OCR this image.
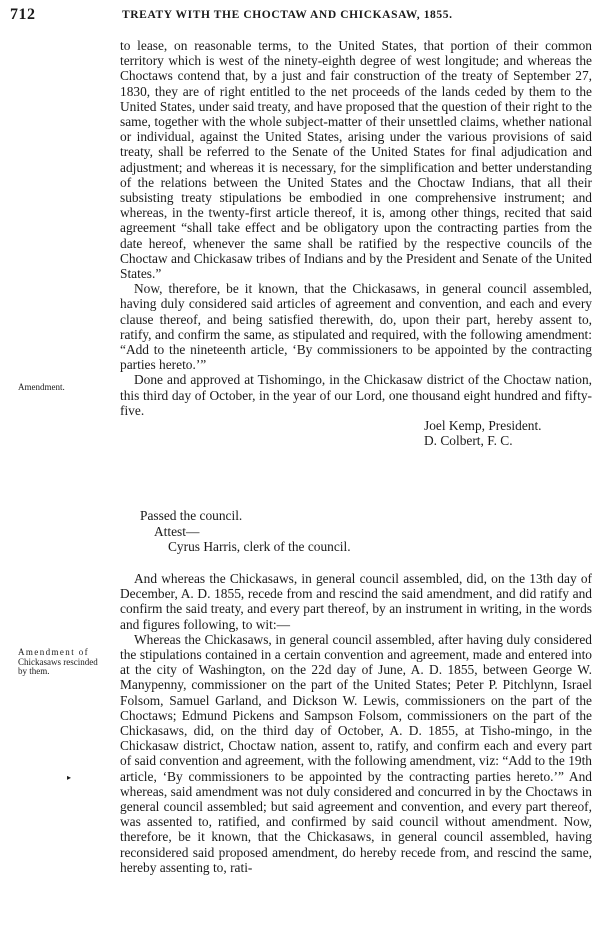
712	TREATY WITH THE CHOCTAW AND CHICKASAW, 1855.
Amendment.
Amendment of
Chickasaws rescinded
by them.
▸

to lease, on reasonable terms, to the United States, that portion of their common territory which is west of the ninety-eighth degree of west longitude; and whereas the Choctaws contend that, by a just and fair construction of the treaty of September 27, 1830, they are of right entitled to the net proceeds of the lands ceded by them to the United States, under said treaty, and have proposed that the question of their right to the same, together with the whole subject-matter of their unsettled claims, whether national or individual, against the United States, arising under the various provisions of said treaty, shall be referred to the Senate of the United States for final adjudication and adjustment; and whereas it is necessary, for the simplification and better understanding of the relations between the United States and the Choctaw Indians, that all their subsisting treaty stipulations be embodied in one comprehensive instrument; and whereas, in the twenty-first article thereof, it is, among other things, recited that said agreement “shall take effect and be obligatory upon the contracting parties from the date hereof, whenever the same shall be ratified by the respective councils of the Choctaw and Chickasaw tribes of Indians and by the President and Senate of the United States.”

Now, therefore, be it known, that the Chickasaws, in general council assembled, having duly considered said articles of agreement and convention, and each and every clause thereof, and being satisfied therewith, do, upon their part, hereby assent to, ratify, and confirm the same, as stipulated and required, with the following amendment: “Add to the nineteenth article, ‘By commissioners to be appointed by the contracting parties hereto.’”

Done and approved at Tishomingo, in the Chickasaw district of the Choctaw nation, this third day of October, in the year of our Lord, one thousand eight hundred and fifty-five.

Joel Kemp, President.

D. Colbert, F. C.

Passed the council.

Attest—

Cyrus Harris, clerk of the council.

And whereas the Chickasaws, in general council assembled, did, on the 13th day of December, A. D. 1855, recede from and rescind the said amendment, and did ratify and confirm the said treaty, and every part thereof, by an instrument in writing, in the words and figures following, to wit:—

Whereas the Chickasaws, in general council assembled, after having duly considered the stipulations contained in a certain convention and agreement, made and entered into at the city of Washington, on the 22d day of June, A. D. 1855, between George W. Manypenny, commissioner on the part of the United States; Peter P. Pitchlynn, Israel Folsom, Samuel Garland, and Dickson W. Lewis, commissioners on the part of the Choctaws; Edmund Pickens and Sampson Folsom, commissioners on the part of the Chickasaws, did, on the third day of October, A. D. 1855, at Tisho-mingo, in the Chickasaw district, Choctaw nation, assent to, ratify, and confirm each and every part of said convention and agreement, with the following amendment, viz: “Add to the 19th article, ‘By commissioners to be appointed by the contracting parties hereto.’” And whereas, said amendment was not duly considered and concurred in by the Choctaws in general council assembled; but said agreement and convention, and every part thereof, was assented to, ratified, and confirmed by said council without amendment. Now, therefore, be it known, that the Chickasaws, in general council assembled, having reconsidered said proposed amendment, do hereby recede from, and rescind the same, hereby assenting to, rati-
